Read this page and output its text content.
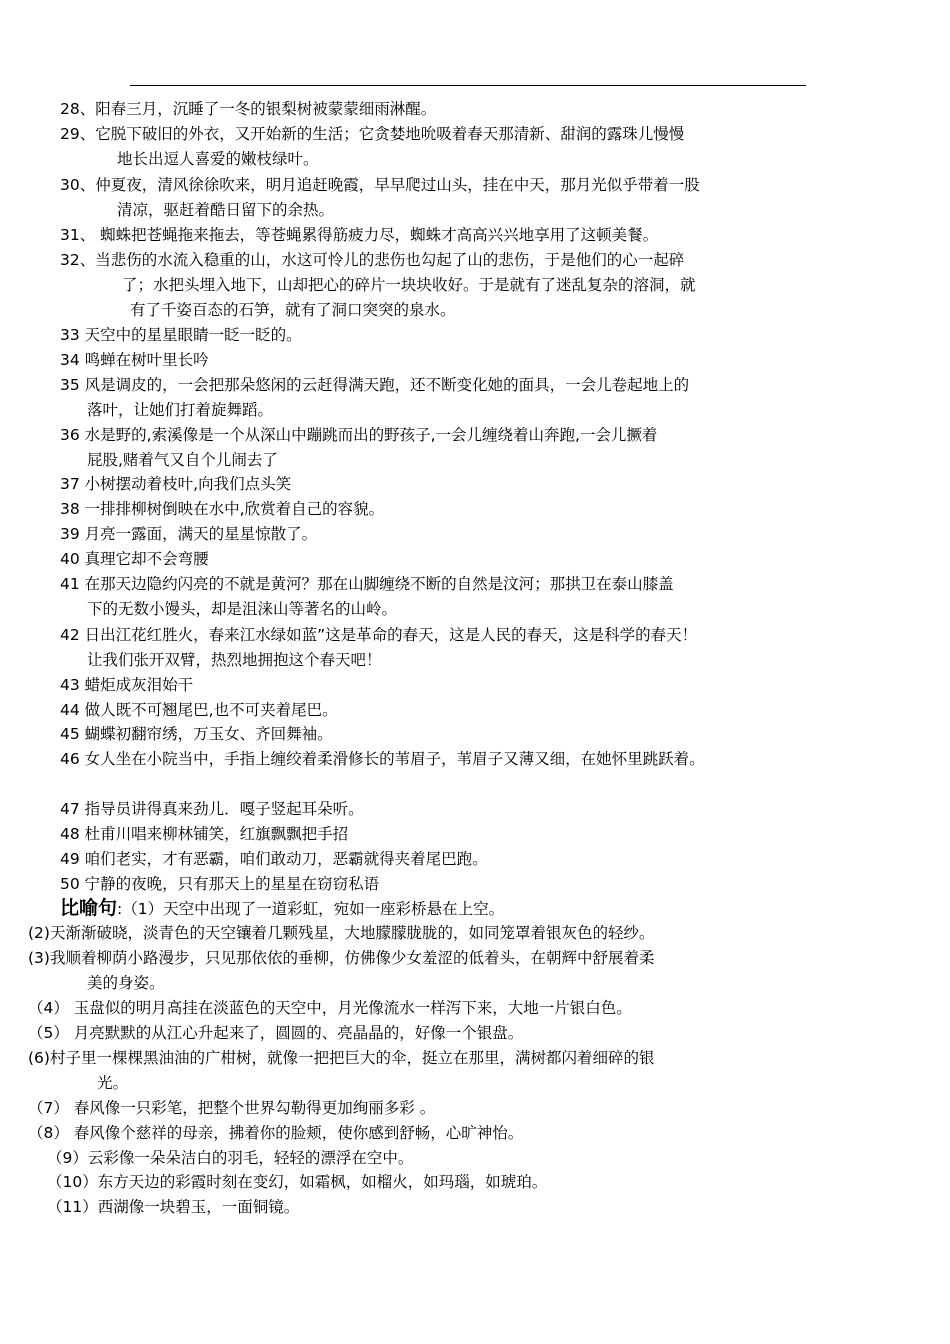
28、阳春三月，沉睡了一冬的银梨树被蒙蒙细雨淋醒。
29、它脱下破旧的外衣，又开始新的生活；它贪婪地吮吸着春天那清新、甜润的露珠儿慢慢
地长出逗人喜爱的嫩枝绿叶。
30、仲夏夜，清风徐徐吹来，明月追赶晚霞，早早爬过山头，挂在中天，那月光似乎带着一股
清凉，驱赶着酷日留下的余热。
31、 蜘蛛把苍蝇拖来拖去，等苍蝇累得筋疲力尽，蜘蛛才高高兴兴地享用了这顿美餐。
32、当悲伤的水流入稳重的山，水这可怜儿的悲伤也勾起了山的悲伤，于是他们的心一起碎
了；水把头埋入地下，山却把心的碎片一块块收好。于是就有了迷乱复杂的溶洞，就
有了千姿百态的石笋，就有了洞口突突的泉水。
33 天空中的星星眼睛一眨一眨的。
34 鸣蝉在树叶里长吟
35 风是调皮的，一会把那朵悠闲的云赶得满天跑，还不断变化她的面具，一会儿卷起地上的
落叶，让她们打着旋舞蹈。
36 水是野的,索溪像是一个从深山中蹦跳而出的野孩子,一会儿缠绕着山奔跑,一会儿撅着
屁股,赌着气又自个儿闹去了
37 小树摆动着枝叶,向我们点头笑
38 一排排柳树倒映在水中,欣赏着自己的容貌。
39 月亮一露面，满天的星星惊散了。
40 真理它却不会弯腰
41 在那天边隐约闪亮的不就是黄河？那在山脚缠绕不断的自然是汶河；那拱卫在泰山膝盖
下的无数小馒头，却是沮涞山等著名的山岭。
42 日出江花红胜火，春来江水绿如蓝”这是革命的春天，这是人民的春天，这是科学的春天！
让我们张开双臂，热烈地拥抱这个春天吧！
43 蜡炬成灰泪始干
44 做人既不可翘尾巴,也不可夹着尾巴。
45 蝴蝶初翻帘绣，万玉女、齐回舞袖。
46 女人坐在小院当中，手指上缠绞着柔滑修长的苇眉子，苇眉子又薄又细，在她怀里跳跃着。
47 指导员讲得真来劲儿．嘎子竖起耳朵听。
48 杜甫川唱来柳林铺笑，红旗飘飘把手招
49 咱们老实，才有恶霸，咱们敢动刀，恶霸就得夹着尾巴跑。
50 宁静的夜晚，只有那天上的星星在窃窃私语
比喻句:（1）天空中出现了一道彩虹，宛如一座彩桥悬在上空。
(2)天渐渐破晓，淡青色的天空镶着几颗残星，大地朦朦胧胧的，如同笼罩着银灰色的轻纱。
(3)我顺着柳荫小路漫步，只见那依依的垂柳，仿佛像少女羞涩的低着头，在朝辉中舒展着柔
美的身姿。
（4） 玉盘似的明月高挂在淡蓝色的天空中，月光像流水一样泻下来，大地一片银白色。
（5） 月亮默默的从江心升起来了，圆圆的、亮晶晶的，好像一个银盘。
(6)村子里一棵棵黑油油的广柑树，就像一把把巨大的伞，挺立在那里，满树都闪着细碎的银
光。
（7） 春风像一只彩笔，把整个世界勾勒得更加绚丽多彩 。
（8） 春风像个慈祥的母亲，拂着你的脸颊，使你感到舒畅，心旷神怡。
（9）云彩像一朵朵洁白的羽毛，轻轻的漂浮在空中。
（10）东方天边的彩霞时刻在变幻，如霜枫，如榴火，如玛瑙，如琥珀。
（11）西湖像一块碧玉，一面铜镜。
